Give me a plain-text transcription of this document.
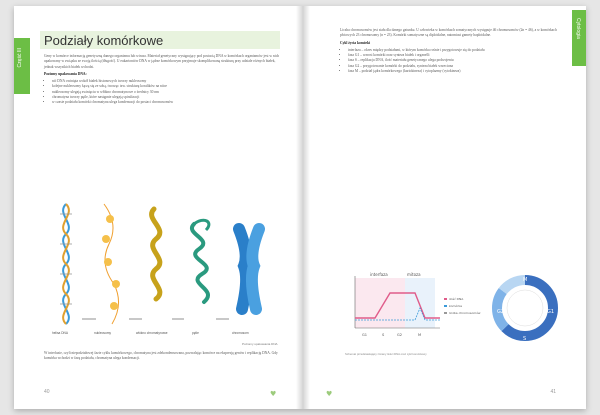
Część III
Podziały komórkowe

Geny w komórce informacją genetyczną danego organizmu lub wirusa. Materiał genetyczny występujący pod postacią DNA w komórkach organizmów jest w nich upakowany w związku ze swoją ilością (długość). U eukariontów DNA w jądrze komórkowym przyjmuje skomplikowaną strukturę przy udziale różnych białek, jednak wszystkich białek wchodzi.

Poziomy upakowania DNA:

• nić DNA owinięta wokół białek histonowych tworzy nukleosomy
• kolejne nukleosomy łączą się ze sobą, tworząc tzw. strukturę koralików na nitce
• nukleosomy ulegają zwinięciu w włókno chromatynowe o średnicy 30 nm
• chromatyna tworzy pętle, które następnie ulegają spiralizacji
• w czasie podziału komórki chromatyna ulega kondensacji do postaci chromosomów
helisa DNA	nukleosomy	włókno chromatynowe	pętle	chromosom
Poziomy upakowania DNA
W interfazie, czyli niepodziałowej fazie cyklu komórkowego, chromatyna jest zdekondensowana, pozwalając komórce na ekspresję genów i replikację DNA. Gdy komórka wchodzi w fazę podziału, chromatyna ulega kondensacji.
40	♥
Cytologia

Liczba chromosomów jest stała dla danego gatunku. U człowieka w komórkach somatycznych występuje 46 chromosomów (2n = 46), a w komórkach płciowych 23 chromosomy (n = 23). Komórki somatyczne są diploidalne, natomiast gamety haploidalne.

Cykl życia komórki

• interfaza – okres między podziałami, w którym komórka rośnie i przygotowuje się do podziału
• faza G1 – wzrost komórki oraz synteza białek i organelli
• faza S – replikacja DNA, ilość materiału genetycznego ulega podwojeniu
• faza G2 – przygotowanie komórki do podziału, synteza białek wrzeciona
• faza M – podział jądra komórkowego (kariokineza) i cytoplazmy (cytokineza)
interfaza	mitoza
G1	S	G2	M
ilość DNA
komórka
liczba chromosomów
M
G1
S
G2
Schemat przedstawiający zmiany ilości DNA oraz cykl komórkowy
41
♥
